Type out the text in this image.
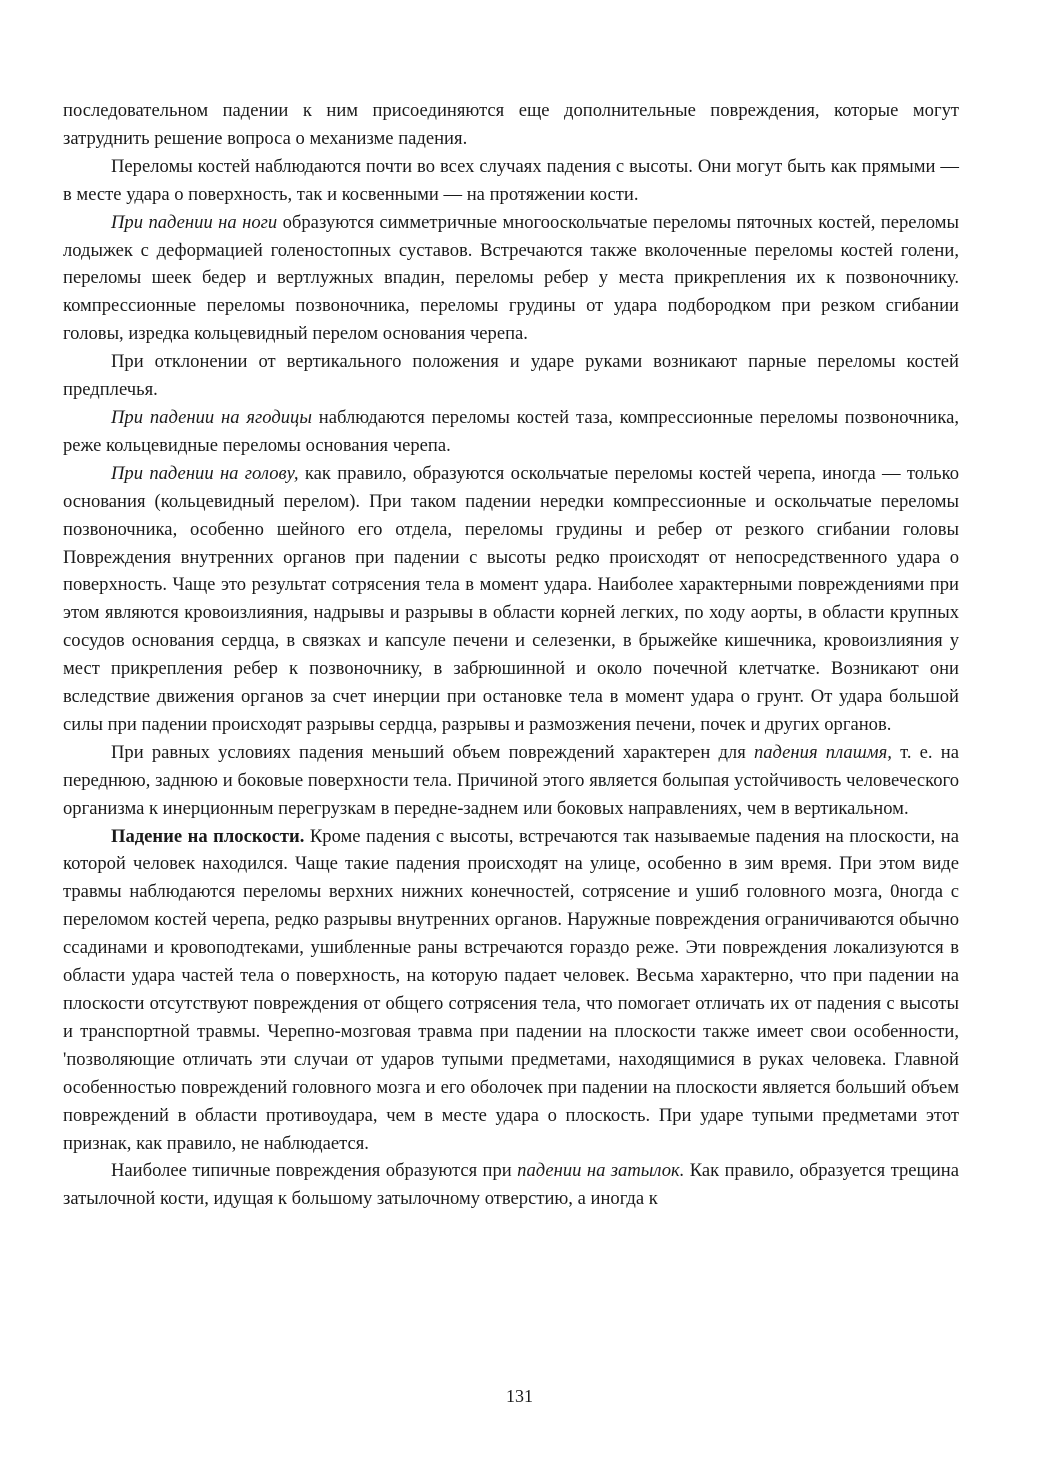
последовательном падении к ним присоединяются еще дополнительные повреждения, которые могут затруднить решение вопроса о механизме падения.

Переломы костей наблюдаются почти во всех случаях падения с высоты. Они могут быть как прямыми — в месте удара о поверхность, так и косвенными — на протяжении кости.

При падении на ноги образуются симметричные многооскольчатые переломы пяточных костей, переломы лодыжек с деформацией голеностопных суставов. Встречаются также вколоченные переломы костей голени, переломы шеек бедер и вертлужных впадин, переломы ребер у места прикрепления их к позвоночнику. компрессионные переломы позвоночника, переломы грудины от удара подбородком при резком сгибании головы, изредка кольцевидный перелом основания черепа.

При отклонении от вертикального положения и ударе руками возникают парные переломы костей предплечья.

При падении на ягодицы наблюдаются переломы костей таза, компрессионные переломы позвоночника, реже кольцевидные переломы основания черепа.

При падении на голову, как правило, образуются оскольчатые переломы костей черепа, иногда — только основания (кольцевидный перелом). При таком падении нередки компрессионные и оскольчатые переломы позвоночника, особенно шейного его отдела, переломы грудины и ребер от резкого сгибании головы Повреждения внутренних органов при падении с высоты редко происходят от непосредственного удара о поверхность. Чаще это результат сотрясения тела в момент удара. Наиболее характерными повреждениями при этом являются кровоизлияния, надрывы и разрывы в области корней легких, по ходу аорты, в области крупных сосудов основания сердца, в связках и капсуле печени и селезенки, в брыжейке кишечника, кровоизлияния у мест прикрепления ребер к позвоночнику, в забрюшинной и около почечной клетчатке. Возникают они вследствие движения органов за счет инерции при остановке тела в момент удара о грунт. От удара большой силы при падении происходят разрывы сердца, разрывы и размозжения печени, почек и других органов.

При равных условиях падения меньший объем повреждений характерен для падения плашмя, т. е. на переднюю, заднюю и боковые поверхности тела. Причиной этого является болыпая устойчивость человеческого организма к инерционным перегрузкам в передне-заднем или боковых направлениях, чем в вертикальном.

Падение на плоскости. Кроме падения с высоты, встречаются так называемые падения на плоскости, на которой человек находился. Чаще такие падения происходят на улице, особенно в зим время. При этом виде травмы наблюдаются переломы верхних нижних конечностей, сотрясение и ушиб головного мозга, 0ногда с переломом костей черепа, редко разрывы внутренних органов. Наружные повреждения ограничиваются обычно ссадинами и кровоподтеками, ушибленные раны встречаются гораздо реже. Эти повреждения локализуются в области удара частей тела о поверхность, на которую падает человек. Весьма характерно, что при падении на плоскости отсутствуют повреждения от общего сотрясения тела, что помогает отличать их от падения с высоты и транспортной травмы. Черепно-мозговая травма при падении на плоскости также имеет свои особенности, 'позволяющие отличать эти случаи от ударов тупыми предметами, находящимися в руках человека. Главной особенностью повреждений головного мозга и его оболочек при падении на плоскости является больший объем повреждений в области противоудара, чем в месте удара о плоскость. При ударе тупыми предметами этот признак, как правило, не наблюдается.

Наиболее типичные повреждения образуются при падении на затылок. Как правило, образуется трещина затылочной кости, идущая к большому затылочному отверстию, а иногда к

131
